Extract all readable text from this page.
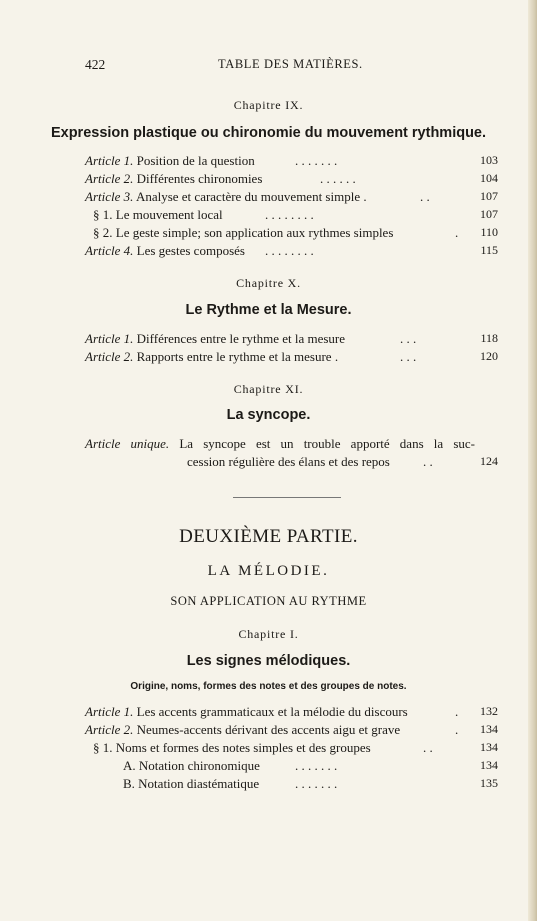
422	TABLE DES MATIÈRES.
Chapitre IX.
Expression plastique ou chironomie du mouvement rythmique.
Article 1. Position de la question	. . . . . . .	103
Article 2. Différentes chironomies	. . . . . .	104
Article 3. Analyse et caractère du mouvement simple .	. .	107
§ 1. Le mouvement local	. . . . . . . .	107
§ 2. Le geste simple; son application aux rythmes simples	. 110
Article 4. Les gestes composés . . . . . . . .	115
Chapitre X.
Le Rythme et la Mesure.
Article 1. Différences entre le rythme et la mesure	. . .	118
Article 2. Rapports entre le rythme et la mesure .	. . .	120
Chapitre XI.
La syncope.
Article unique. La syncope est un trouble apporté dans la suc-
cession régulière des élans et des repos	. .	124
DEUXIÈME PARTIE.
LA MÉLODIE.
SON APPLICATION AU RYTHME
Chapitre I.
Les signes mélodiques.
Origine, noms, formes des notes et des groupes de notes.
Article 1. Les accents grammaticaux et la mélodie du discours	. 132
Article 2. Neumes-accents dérivant des accents aigu et grave	. 134
§ 1. Noms et formes des notes simples et des groupes	. .	134
A. Notation chironomique	. . . . . . .	134
B. Notation diastématique	. . . . . . .	135
